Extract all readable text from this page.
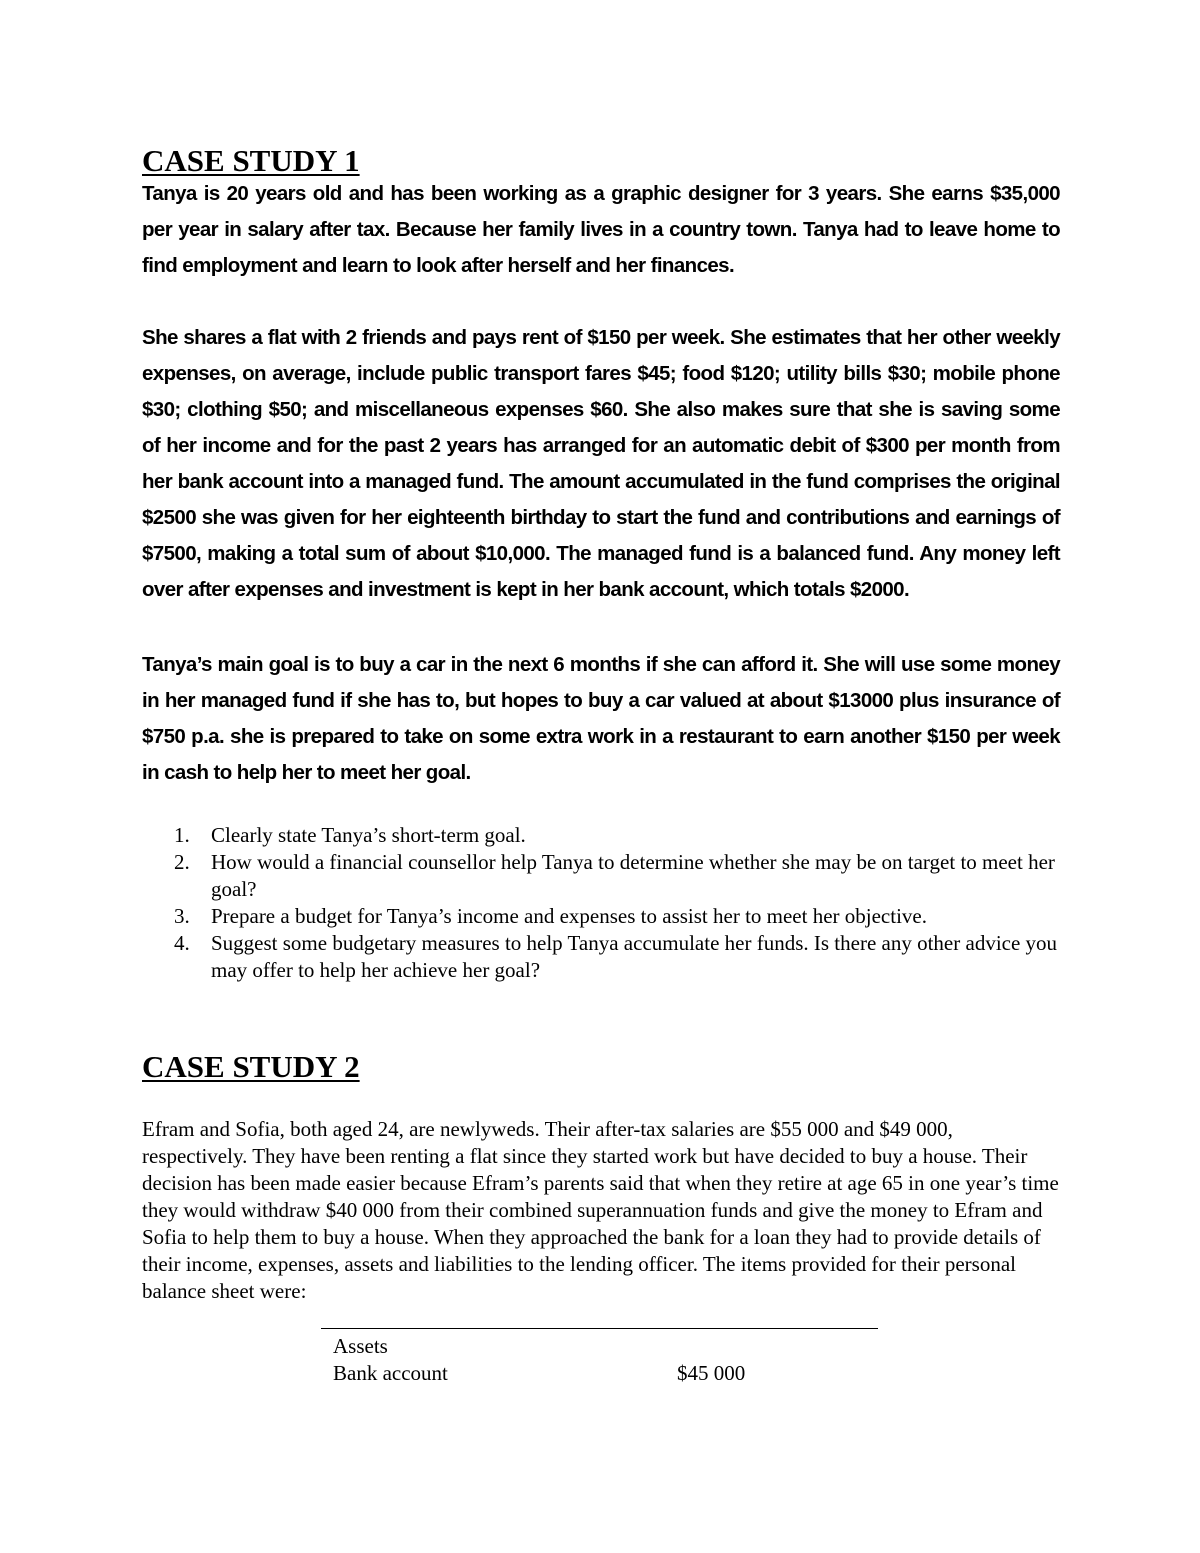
CASE STUDY 1

Tanya is 20 years old and has been working as a graphic designer for 3 years. She earns $35,000 per year in salary after tax. Because her family lives in a country town. Tanya had to leave home to find employment and learn to look after herself and her finances.

She shares a flat with 2 friends and pays rent of $150 per week. She estimates that her other weekly expenses, on average, include public transport fares $45; food $120; utility bills $30; mobile phone $30; clothing $50; and miscellaneous expenses $60. She also makes sure that she is saving some of her income and for the past 2 years has arranged for an automatic debit of $300 per month from her bank account into a managed fund. The amount accumulated in the fund comprises the original $2500 she was given for her eighteenth birthday to start the fund and contributions and earnings of $7500, making a total sum of about $10,000. The managed fund is a balanced fund. Any money left over after expenses and investment is kept in her bank account, which totals $2000.

Tanya’s main goal is to buy a car in the next 6 months if she can afford it. She will use some money in her managed fund if she has to, but hopes to buy a car valued at about $13000 plus insurance of $750 p.a. she is prepared to take on some extra work in a restaurant to earn another $150 per week in cash to help her to meet her goal.

1. Clearly state Tanya’s short-term goal.
2. How would a financial counsellor help Tanya to determine whether she may be on target to meet her goal?
3. Prepare a budget for Tanya’s income and expenses to assist her to meet her objective.
4. Suggest some budgetary measures to help Tanya accumulate her funds. Is there any other advice you may offer to help her achieve her goal?
CASE STUDY 2

Efram and Sofia, both aged 24, are newlyweds. Their after-tax salaries are $55 000 and $49 000, respectively. They have been renting a flat since they started work but have decided to buy a house. Their decision has been made easier because Efram’s parents said that when they retire at age 65 in one year’s time they would withdraw $40 000 from their combined superannuation funds and give the money to Efram and Sofia to help them to buy a house. When they approached the bank for a loan they had to provide details of their income, expenses, assets and liabilities to the lending officer. The items provided for their personal balance sheet were:

Assets
Bank account	$45 000
